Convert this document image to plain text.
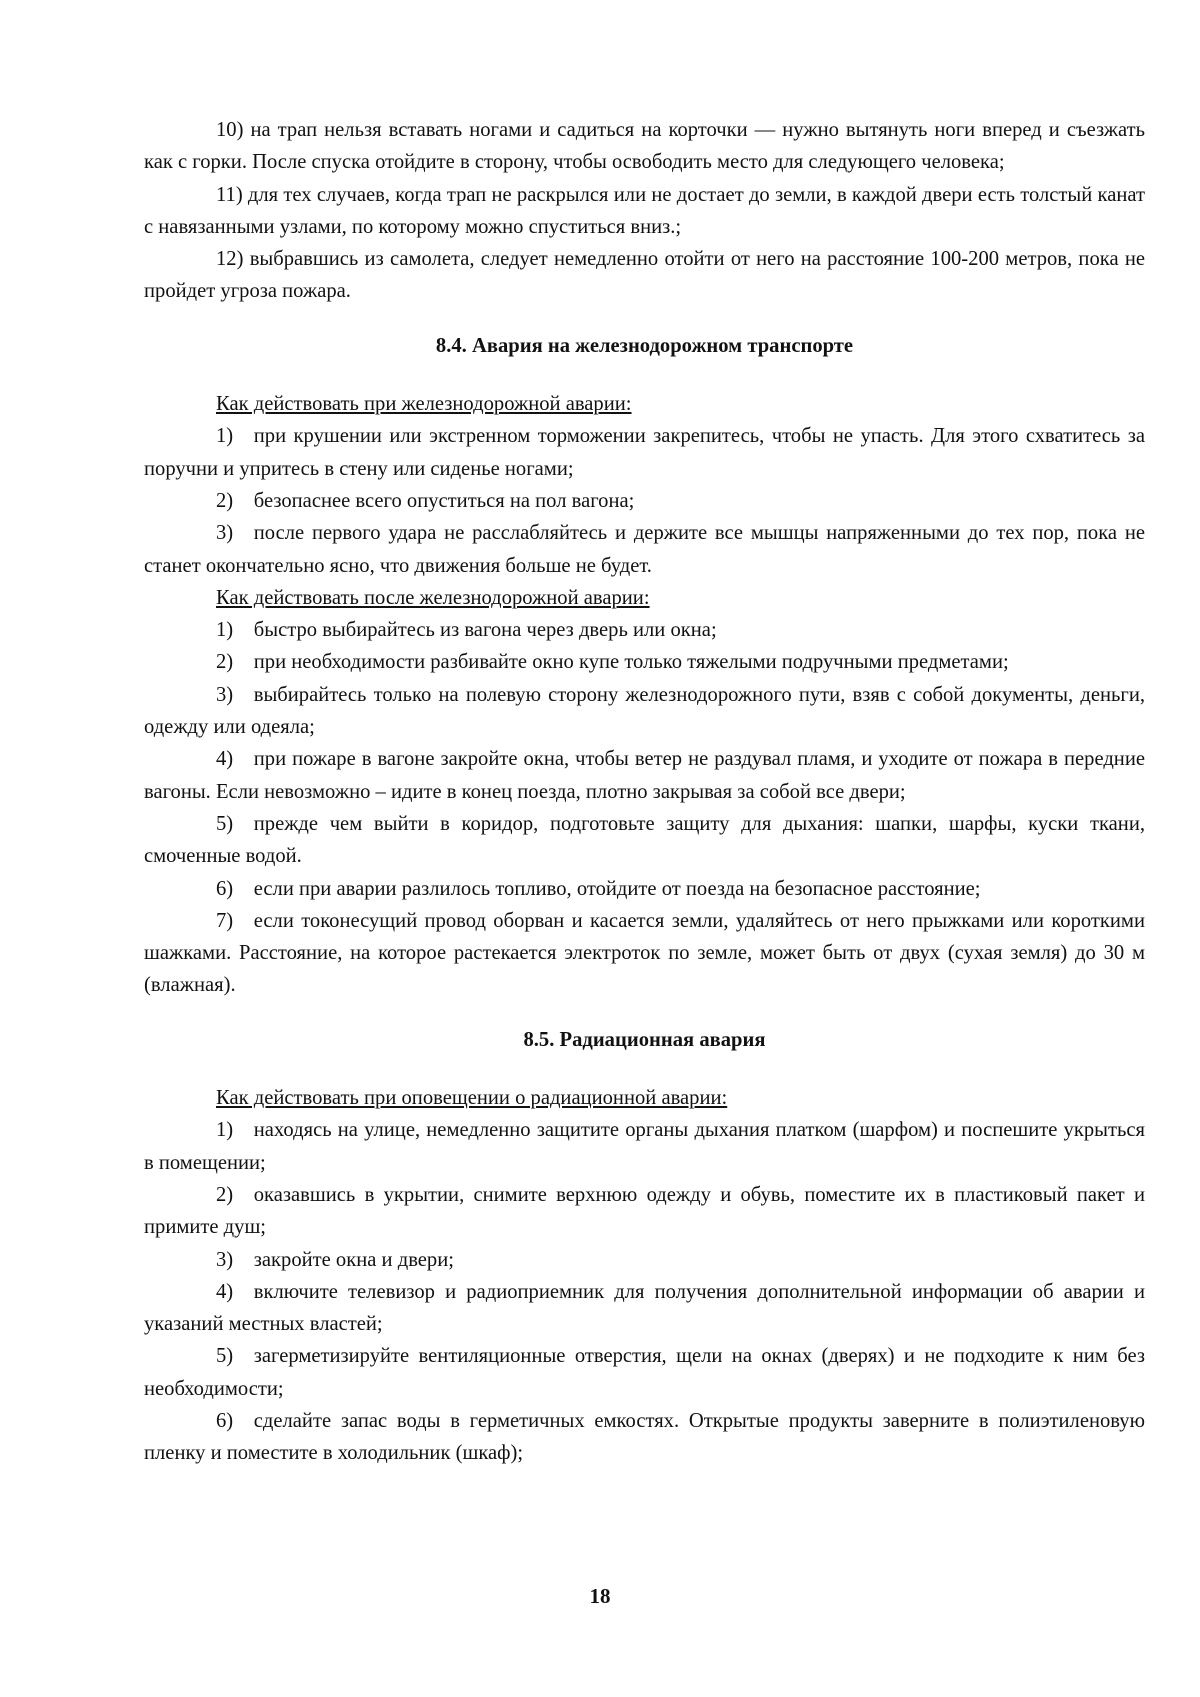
10) на трап нельзя вставать ногами и садиться на корточки — нужно вытянуть ноги вперед и съезжать как с горки. После спуска отойдите в сторону, чтобы освободить место для следующего человека;

11) для тех случаев, когда трап не раскрылся или не достает до земли, в каждой двери есть толстый канат с навязанными узлами, по которому можно спуститься вниз.;

12) выбравшись из самолета, следует немедленно отойти от него на расстояние 100-200 метров, пока не пройдет угроза пожара.

8.4. Авария на железнодорожном транспорте

Как действовать при железнодорожной аварии:

1) при крушении или экстренном торможении закрепитесь, чтобы не упасть. Для этого схватитесь за поручни и упритесь в стену или сиденье ногами;

2) безопаснее всего опуститься на пол вагона;

3) после первого удара не расслабляйтесь и держите все мышцы напряженными до тех пор, пока не станет окончательно ясно, что движения больше не будет.

Как действовать после железнодорожной аварии:

1) быстро выбирайтесь из вагона через дверь или окна;

2) при необходимости разбивайте окно купе только тяжелыми подручными предметами;

3) выбирайтесь только на полевую сторону железнодорожного пути, взяв с собой документы, деньги, одежду или одеяла;

4) при пожаре в вагоне закройте окна, чтобы ветер не раздувал пламя, и уходите от пожара в передние вагоны. Если невозможно – идите в конец поезда, плотно закрывая за собой все двери;

5) прежде чем выйти в коридор, подготовьте защиту для дыхания: шапки, шарфы, куски ткани, смоченные водой.

6) если при аварии разлилось топливо, отойдите от поезда на безопасное расстояние;

7) если токонесущий провод оборван и касается земли, удаляйтесь от него прыжками или короткими шажками. Расстояние, на которое растекается электроток по земле, может быть от двух (сухая земля) до 30 м (влажная).

8.5. Радиационная авария

Как действовать при оповещении о радиационной аварии:

1) находясь на улице, немедленно защитите органы дыхания платком (шарфом) и поспешите укрыться в помещении;

2) оказавшись в укрытии, снимите верхнюю одежду и обувь, поместите их в пластиковый пакет и примите душ;

3) закройте окна и двери;

4) включите телевизор и радиоприемник для получения дополнительной информации об аварии и указаний местных властей;

5) загерметизируйте вентиляционные отверстия, щели на окнах (дверях) и не подходите к ним без необходимости;

6) сделайте запас воды в герметичных емкостях. Открытые продукты заверните в полиэтиленовую пленку и поместите в холодильник (шкаф);

18
